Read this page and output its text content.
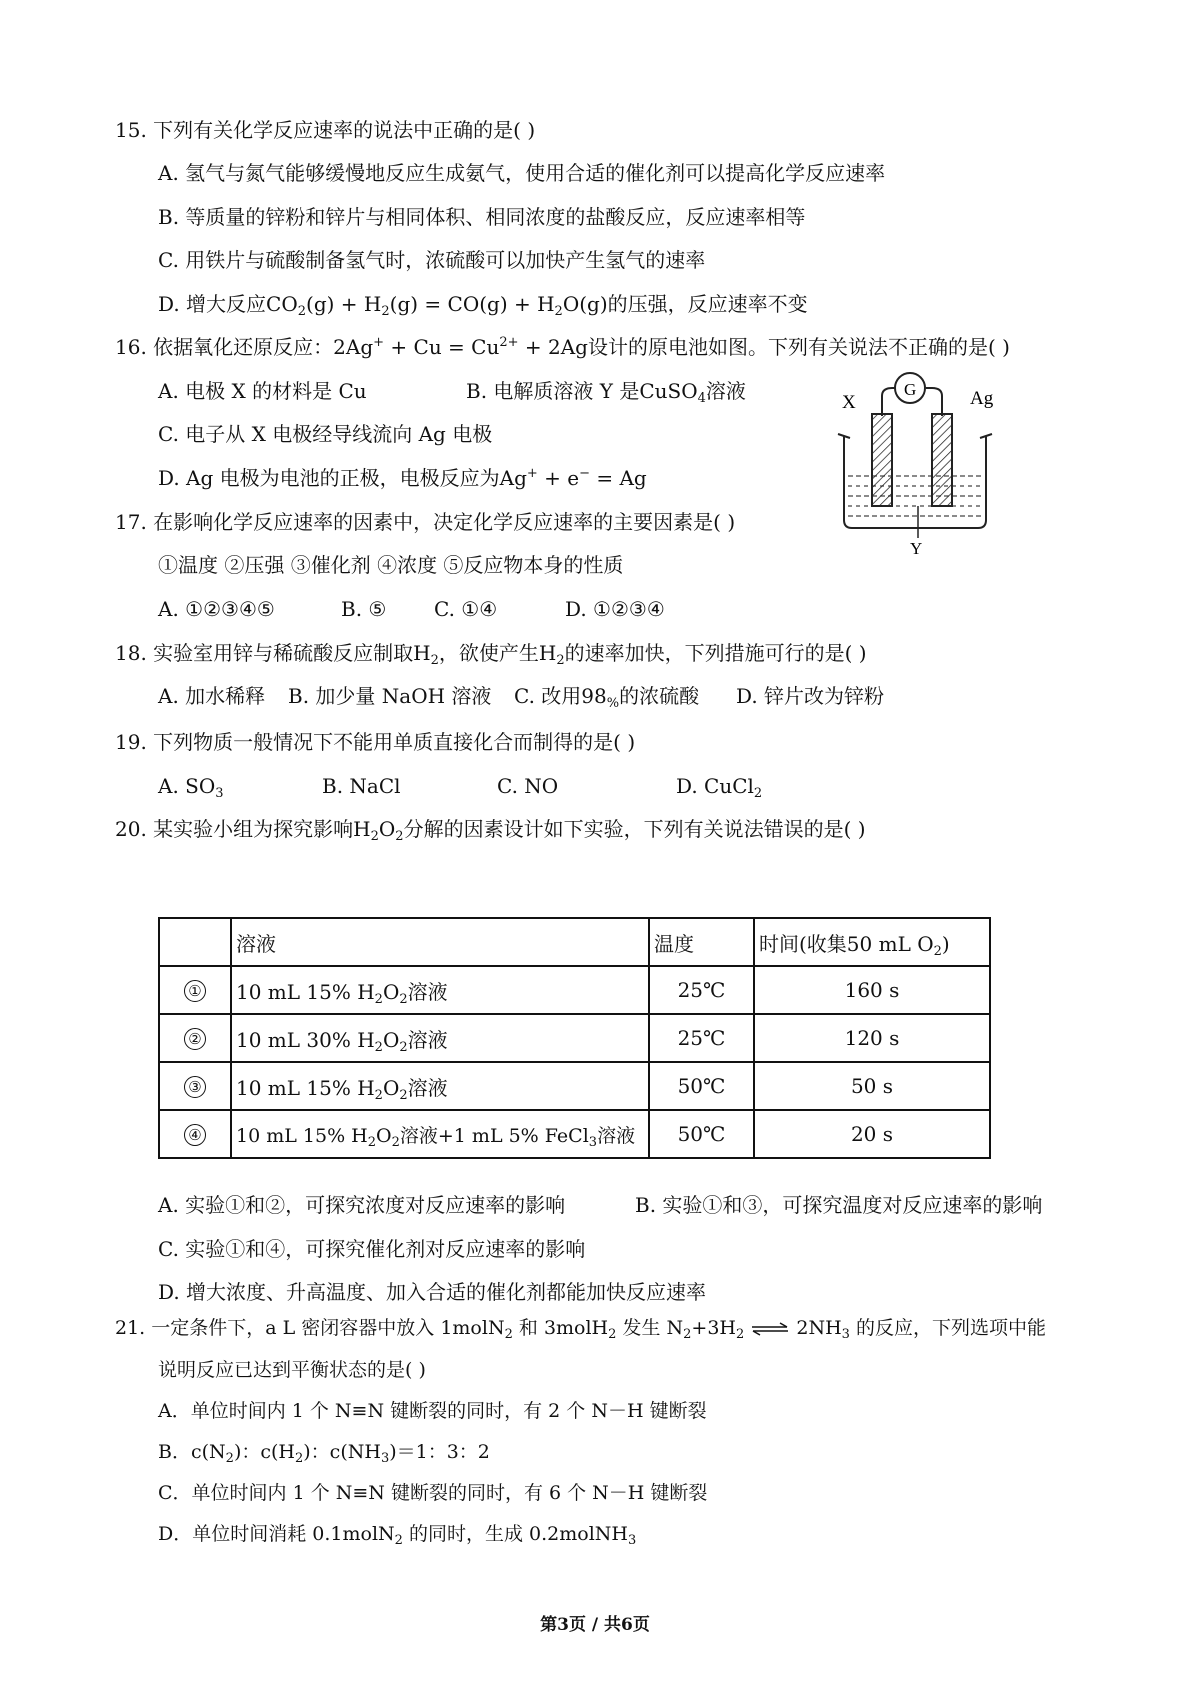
15. 下列有关化学反应速率的说法中正确的是( )
A. 氢气与氮气能够缓慢地反应生成氨气，使用合适的催化剂可以提高化学反应速率
B. 等质量的锌粉和锌片与相同体积、相同浓度的盐酸反应，反应速率相等
C. 用铁片与硫酸制备氢气时，浓硫酸可以加快产生氢气的速率
D. 增大反应$CO_2(g) + H_2(g) = CO(g) + H_2O(g)$的压强，反应速率不变
16. 依据氧化还原反应：$2Ag^+ + Cu = Cu^{2+} + 2Ag$设计的原电池如图。下列有关说法不正确的是( )
A. 电极 X 的材料是 Cu	B. 电解质溶液 Y 是CuSO$_4$溶液
C. 电子从 X 电极经导线流向 Ag 电极
D. Ag 电极为电池的正极，电极反应为Ag+ + e− = Ag
X	Ag
G
Y
17. 在影响化学反应速率的因素中，决定化学反应速率的主要因素是( )
①温度 ②压强 ③催化剂 ④浓度 ⑤反应物本身的性质
A. ①②③④⑤	B. ⑤ C. ①④	D. ①②③④
18. 实验室用锌与稀硫酸反应制取$H_2$，欲使产生$H_2$的速率加快，下列措施可行的是( )
A. 加水稀释 B. 加少量 NaOH 溶液 C. 改用$98_{\%}$的浓硫酸 D. 锌片改为锌粉
19. 下列物质一般情况下不能用单质直接化合而制得的是( )
A. $SO_3$	B. NaCl	C. NO	D. CuCl$_2$
20. 某实验小组为探究影响$H_2O_2$分解的因素设计如下实验，下列有关说法错误的是( )
	溶液	温度	时间(收集50 mL $O_2$)
①	10 mL 15% $H_2O_2$溶液	25℃	160 s
②	10 mL 30% $H_2O_2$溶液	25℃	120 s
③	10 mL 15% $H_2O_2$溶液	50℃	50 s
④	10 mL 15% $H_2O_2$溶液+1 mL 5% FeCl$_3$溶液	50℃	20 s
A. 实验①和②，可探究浓度对反应速率的影响	B. 实验①和③，可探究温度对反应速率的影响
C. 实验①和④，可探究催化剂对反应速率的影响
D. 增大浓度、升高温度、加入合适的催化剂都能加快反应速率
21. 一定条件下，a L 密闭容器中放入 1molN$_2$ 和 3molH$_2$ 发生 $N_2+3H_2$ ⇌ $2NH_3$ 的反应，下列选项中能
说明反应已达到平衡状态的是( )
A．单位时间内 1 个 N≡N 键断裂的同时，有 2 个 N－H 键断裂
B．$c(N_2)$：$c(H_2)$：$c(NH_3)=1$：3：2
C．单位时间内 1 个 N≡N 键断裂的同时，有 6 个 N－H 键断裂
D．单位时间消耗 0.1molN$_2$ 的同时，生成 0.2molNH$_3$
第3页 / 共6页
